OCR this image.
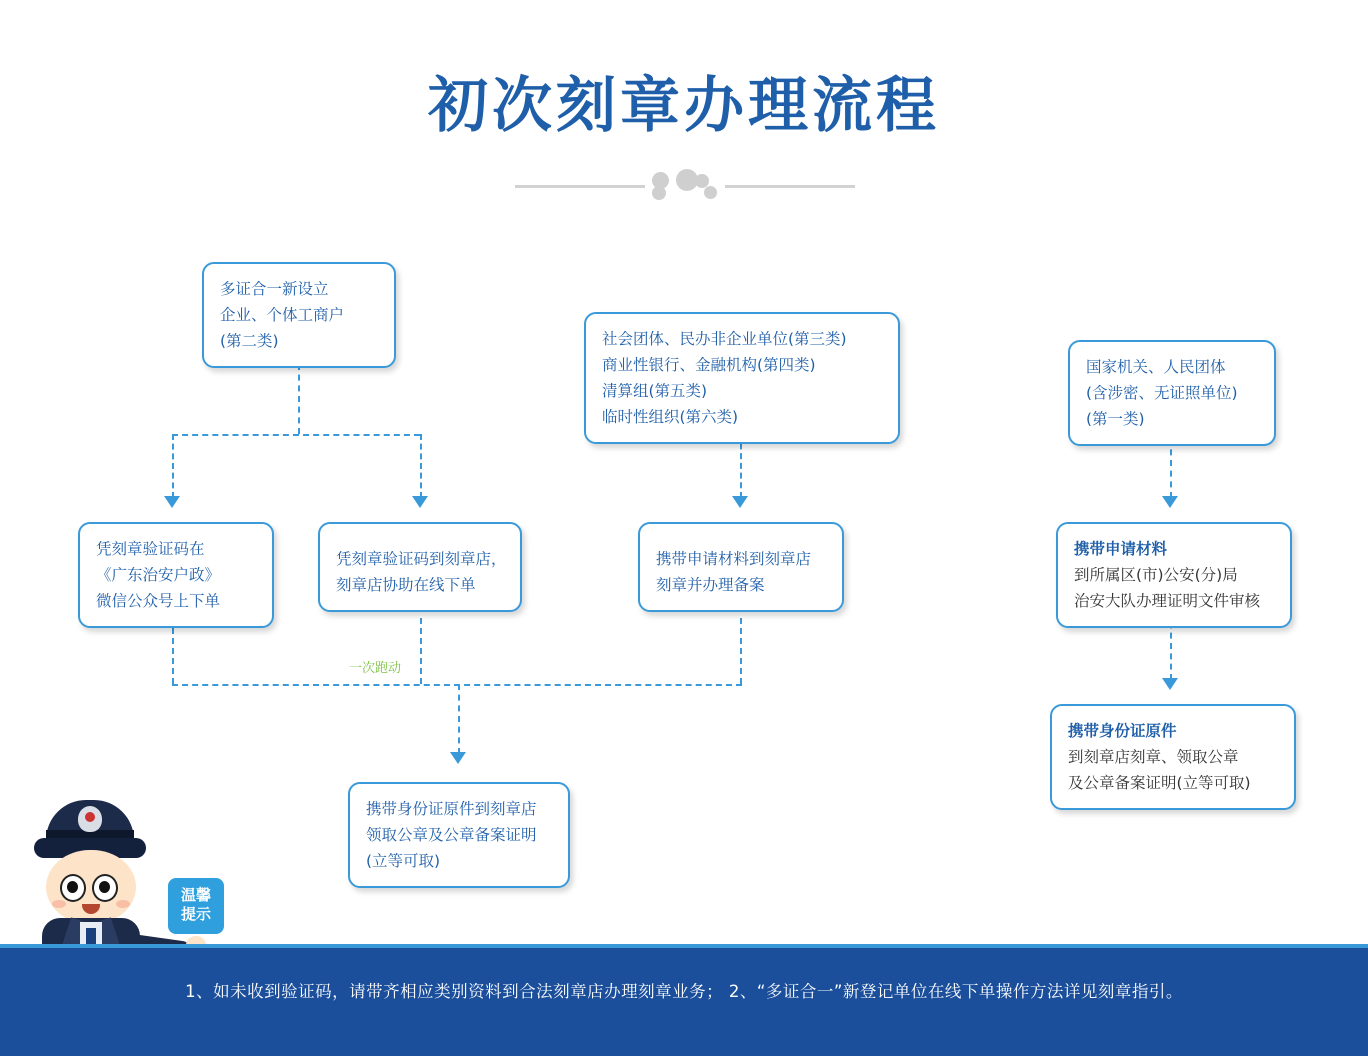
初次刻章办理流程
一次跑动
多证合一新设立
企业、个体工商户
(第二类)	社会团体、民办非企业单位(第三类)
商业性银行、金融机构(第四类)
清算组(第五类)
临时性组织(第六类)
国家机关、人民团体
(含涉密、无证照单位)
(第一类)
凭刻章验证码在
《广东治安户政》
微信公众号上下单
凭刻章验证码到刻章店，
刻章店协助在线下单
携带申请材料到刻章店
刻章并办理备案
携带申请材料
到所属区(市)公安(分)局
治安大队办理证明文件审核
携带身份证原件到刻章店
领取公章及公章备案证明
(立等可取)
携带身份证原件
到刻章店刻章、领取公章
及公章备案证明(立等可取)
温馨
提示
1、如未收到验证码，请带齐相应类别资料到合法刻章店办理刻章业务； 2、“多证合一”新登记单位在线下单操作方法详见刻章指引。
